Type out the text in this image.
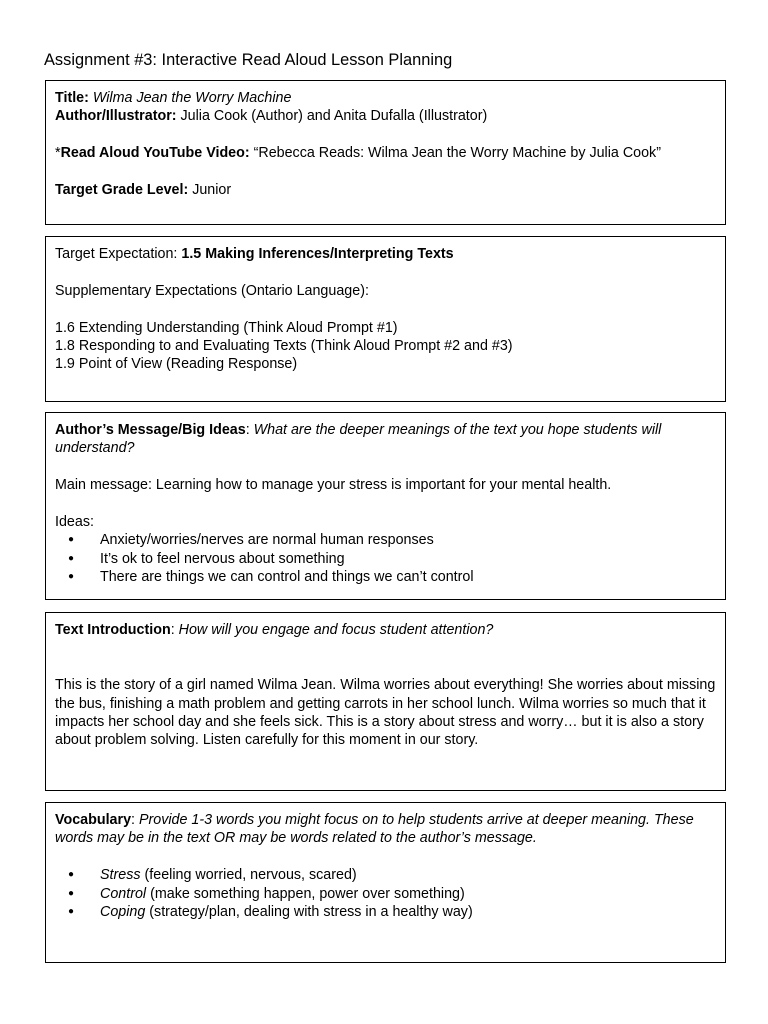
Assignment #3: Interactive Read Aloud Lesson Planning

Title: Wilma Jean the Worry Machine

Author/Illustrator: Julia Cook (Author) and Anita Dufalla (Illustrator)

*Read Aloud YouTube Video: “Rebecca Reads: Wilma Jean the Worry Machine by Julia Cook”

Target Grade Level: Junior

Target Expectation: 1.5 Making Inferences/Interpreting Texts

Supplementary Expectations (Ontario Language):

1.6 Extending Understanding (Think Aloud Prompt #1)

1.8 Responding to and Evaluating Texts (Think Aloud Prompt #2 and #3)

1.9 Point of View (Reading Response)

Author’s Message/Big Ideas: What are the deeper meanings of the text you hope students will understand?

Main message: Learning how to manage your stress is important for your mental health.

Ideas:

● Anxiety/worries/nerves are normal human responses
● It’s ok to feel nervous about something
● There are things we can control and things we can’t control

Text Introduction: How will you engage and focus student attention?

This is the story of a girl named Wilma Jean. Wilma worries about everything! She worries about missing the bus, finishing a math problem and getting carrots in her school lunch. Wilma worries so much that it impacts her school day and she feels sick. This is a story about stress and worry… but it is also a story about problem solving. Listen carefully for this moment in our story.

Vocabulary: Provide 1-3 words you might focus on to help students arrive at deeper meaning. These words may be in the text OR may be words related to the author’s message.

● Stress (feeling worried, nervous, scared)
● Control (make something happen, power over something)
● Coping (strategy/plan, dealing with stress in a healthy way)
